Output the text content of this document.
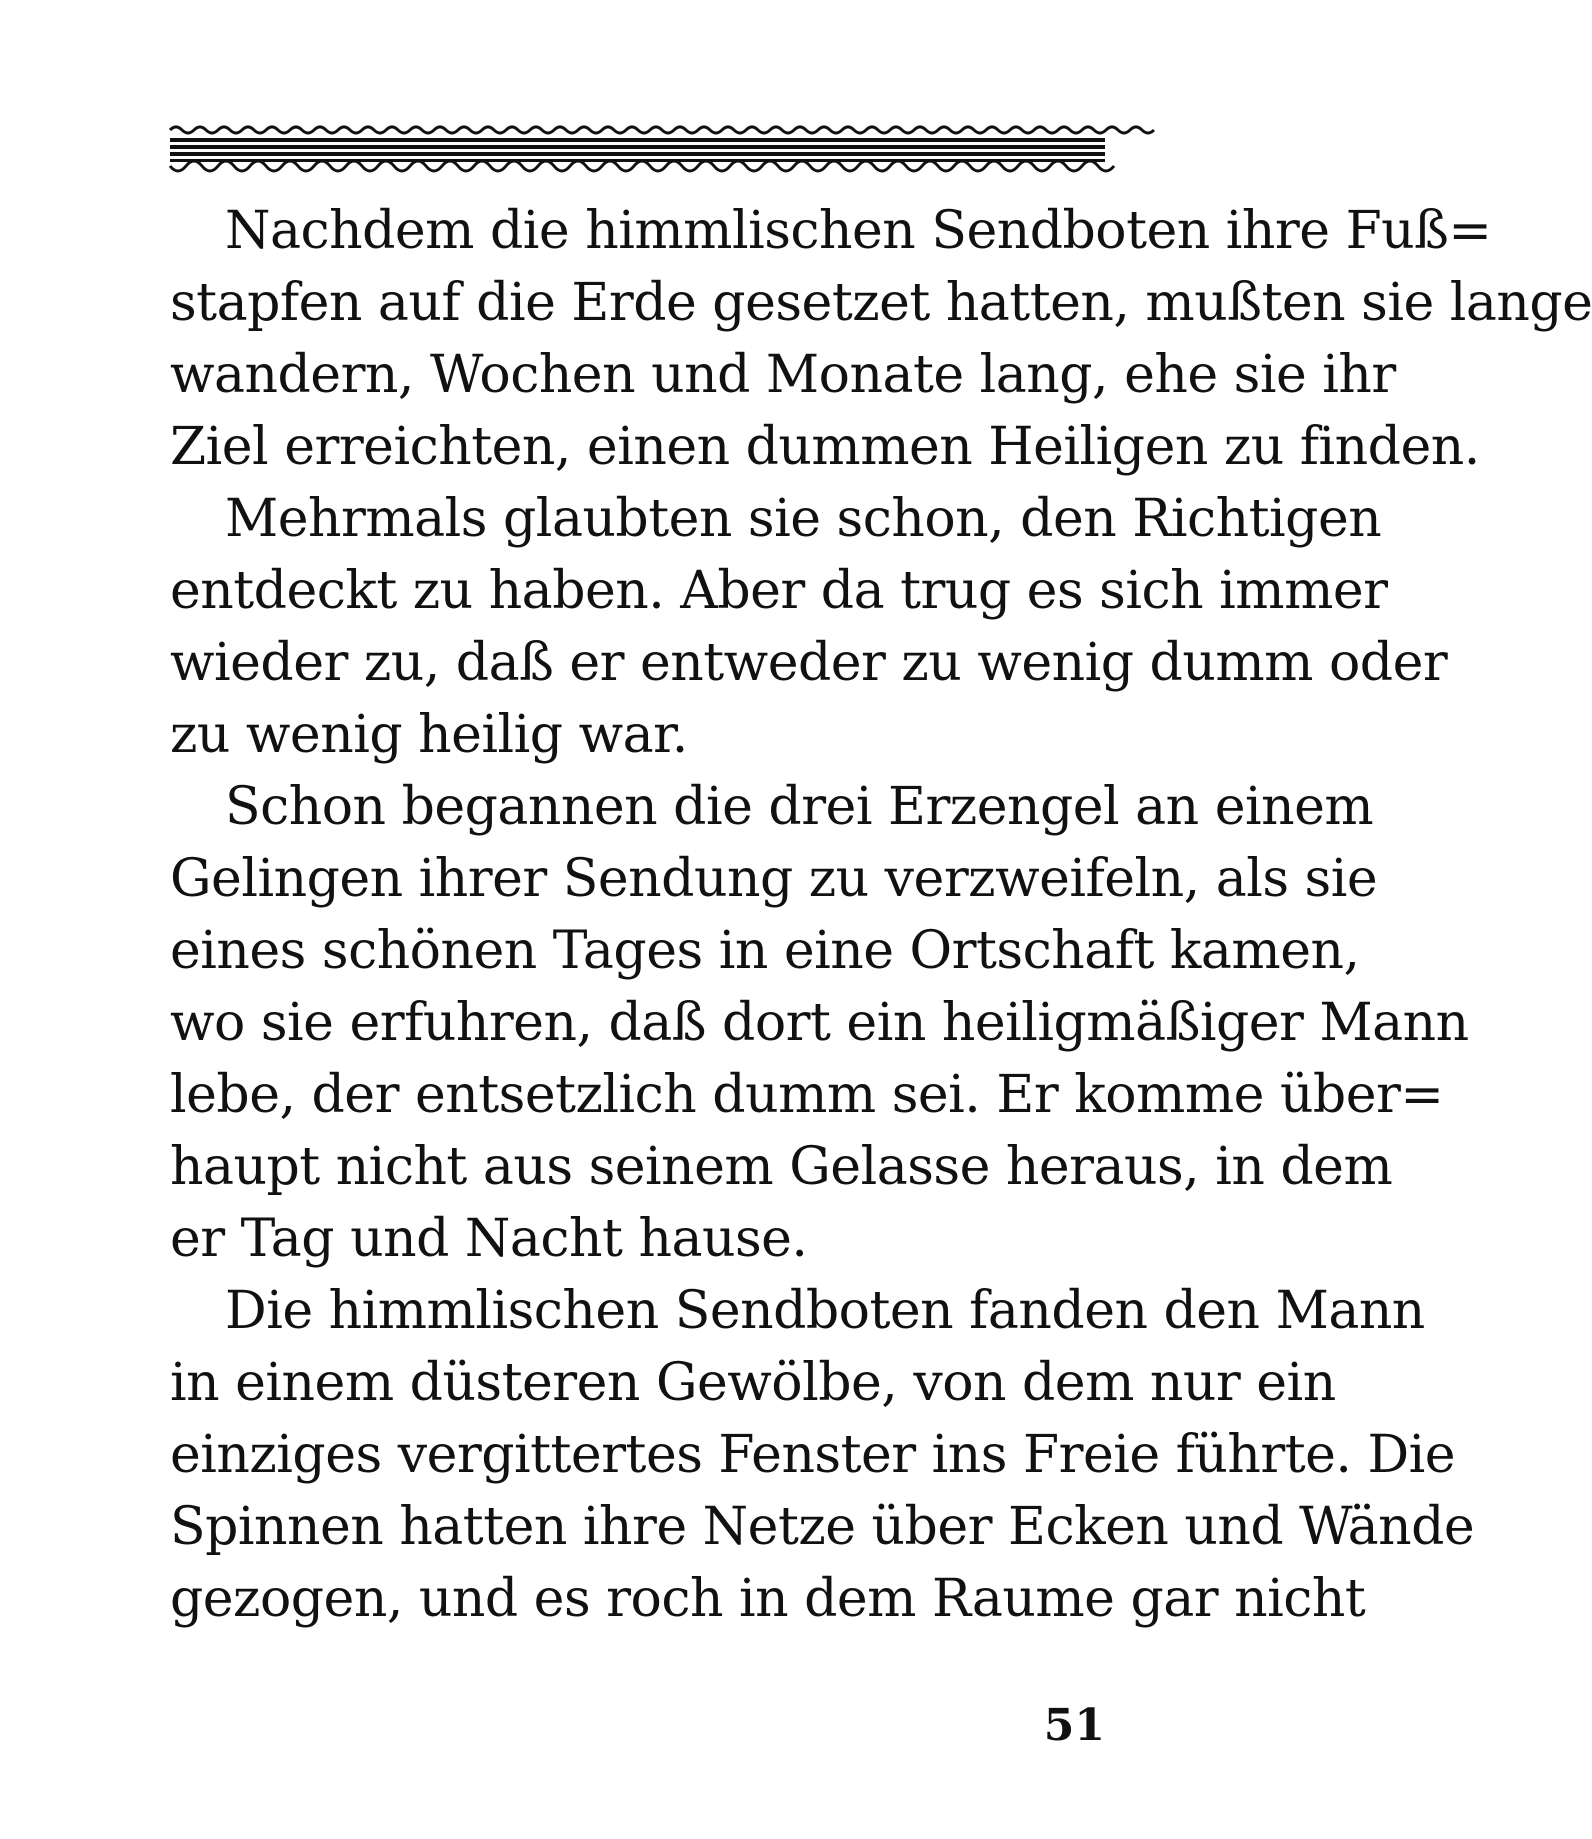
Nachdem die himmlischen Sendboten ihre Fuß=
stapfen auf die Erde gesetzet hatten, mußten sie lange
wandern, Wochen und Monate lang, ehe sie ihr
Ziel erreichten, einen dummen Heiligen zu finden.
Mehrmals glaubten sie schon, den Richtigen
entdeckt zu haben. Aber da trug es sich immer
wieder zu, daß er entweder zu wenig dumm oder
zu wenig heilig war.
Schon begannen die drei Erzengel an einem
Gelingen ihrer Sendung zu verzweifeln, als sie
eines schönen Tages in eine Ortschaft kamen,
wo sie erfuhren, daß dort ein heiligmäßiger Mann
lebe, der entsetzlich dumm sei. Er komme über=
haupt nicht aus seinem Gelasse heraus, in dem
er Tag und Nacht hause.
Die himmlischen Sendboten fanden den Mann
in einem düsteren Gewölbe, von dem nur ein
einziges vergittertes Fenster ins Freie führte. Die
Spinnen hatten ihre Netze über Ecken und Wände
gezogen, und es roch in dem Raume gar nicht
51
